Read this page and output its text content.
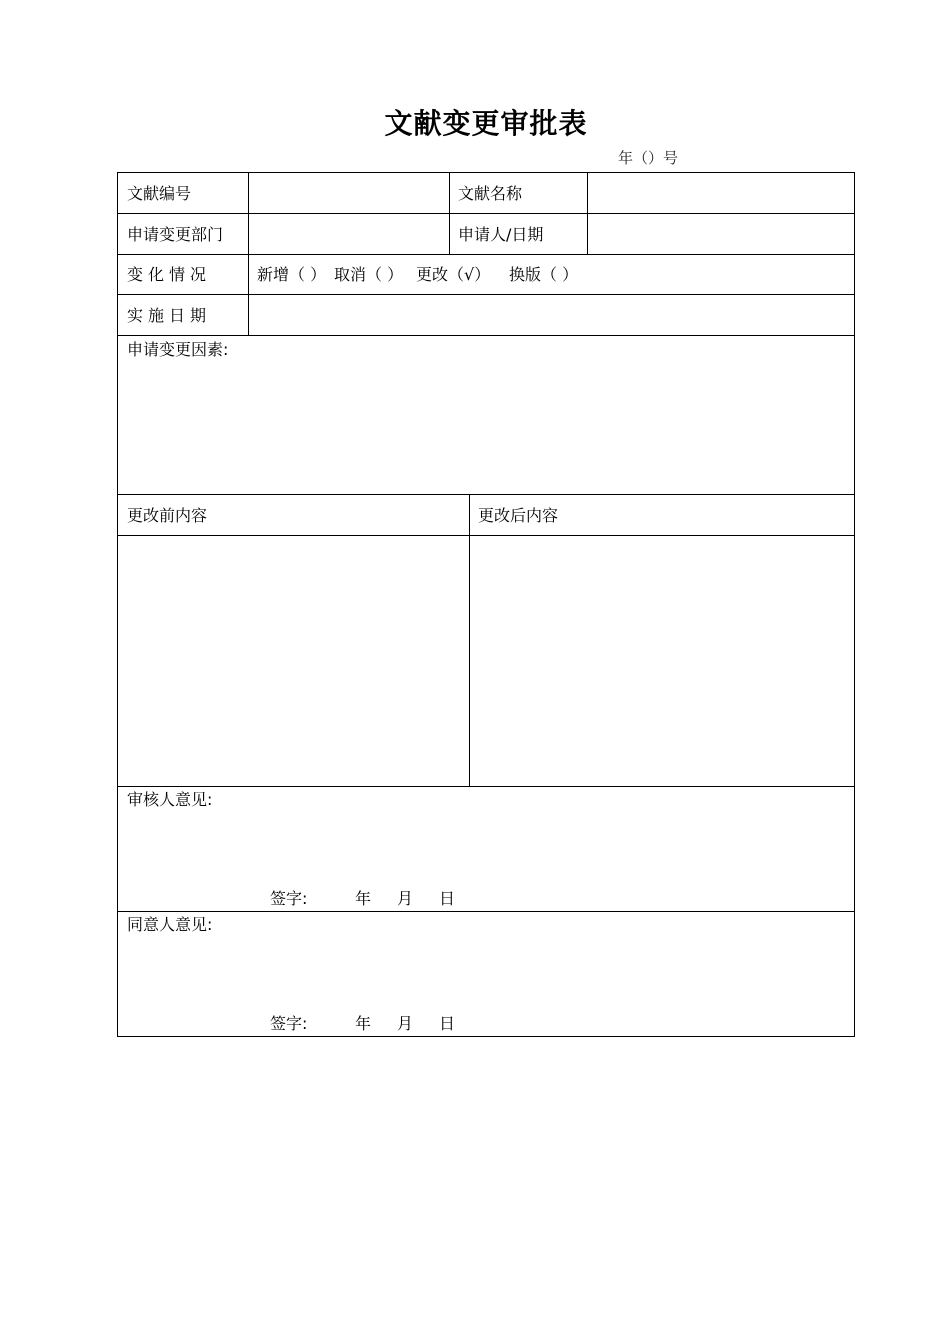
文献变更审批表
年（）号
文献编号	文献名称
申请变更部门	申请人/日期
变化情况	新增（ ） 取消（ ） 更改（√） 换版（ ）
实施日期
申请变更因素:
更改前内容	更改后内容
审核人意见:
签字:	年 月 日
同意人意见:
签字:	年 月 日
